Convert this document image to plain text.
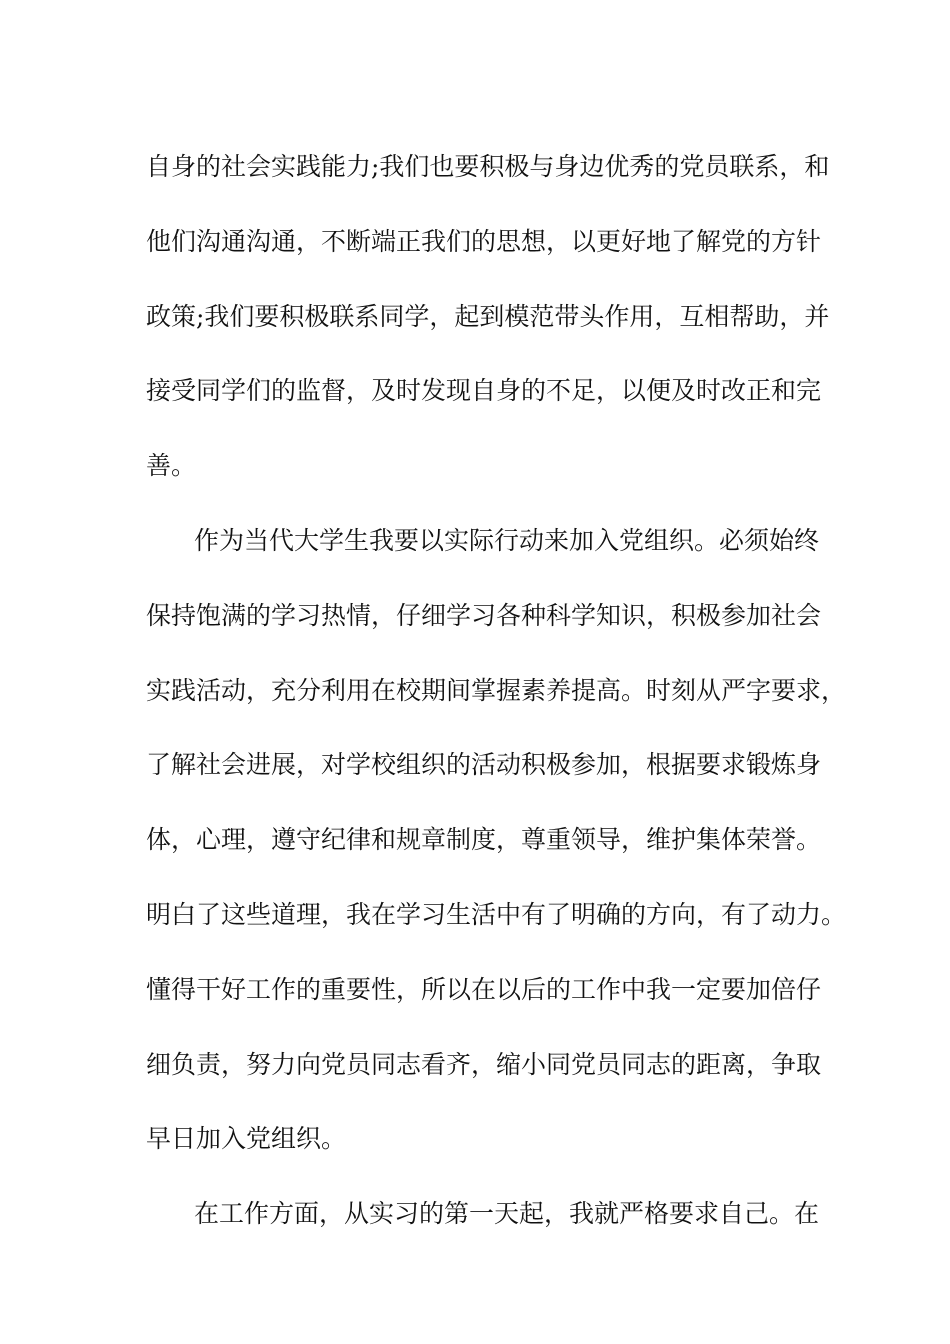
自身的社会实践能力;我们也要积极与身边优秀的党员联系，和
他们沟通沟通，不断端正我们的思想，以更好地了解党的方针
政策;我们要积极联系同学，起到模范带头作用，互相帮助，并
接受同学们的监督，及时发现自身的不足，以便及时改正和完
善。
作为当代大学生我要以实际行动来加入党组织。必须始终
保持饱满的学习热情，仔细学习各种科学知识，积极参加社会
实践活动，充分利用在校期间掌握素养提高。时刻从严字要求，
了解社会进展，对学校组织的活动积极参加，根据要求锻炼身
体，心理，遵守纪律和规章制度，尊重领导，维护集体荣誉。
明白了这些道理，我在学习生活中有了明确的方向，有了动力。
懂得干好工作的重要性，所以在以后的工作中我一定要加倍仔
细负责，努力向党员同志看齐，缩小同党员同志的距离，争取
早日加入党组织。
在工作方面，从实习的第一天起，我就严格要求自己。在
